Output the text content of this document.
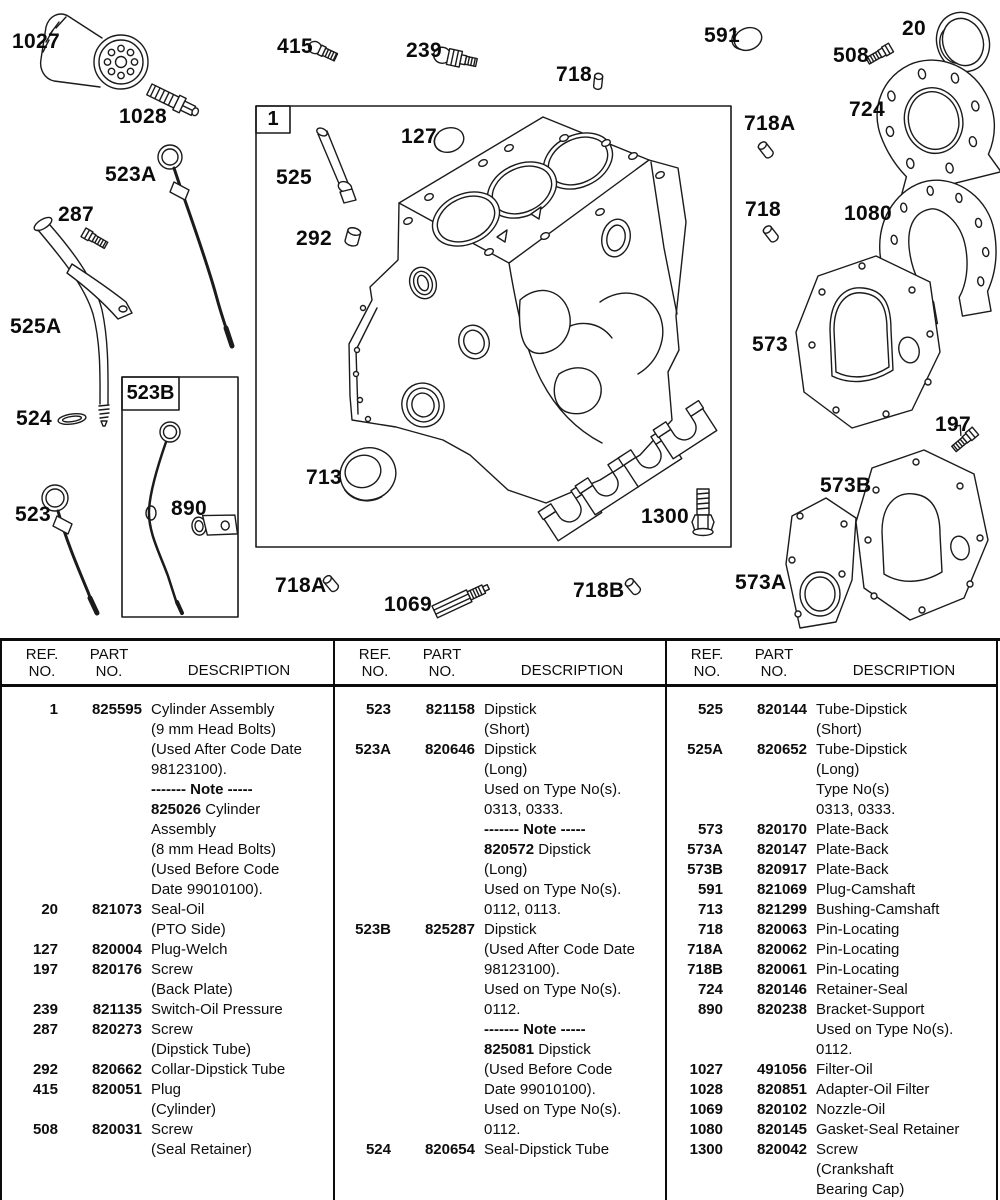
1027
1028
415	239
718
591	20
508
724
718A
718	1080
573
197
573B
573A
523A
287
525A
524
523	890
525
127
292
713
1300
718A
1069
718B
1
523B
REF.
NO.
PART
NO.	DESCRIPTION
1	825595 Cylinder Assembly
(9 mm Head Bolts)
(Used After Code Date
98123100).
------- Note -----
825026 Cylinder
Assembly
(8 mm Head Bolts)
(Used Before Code
Date 99010100).
20	821073 Seal-Oil
(PTO Side)
127	820004 Plug-Welch
197	820176 Screw
(Back Plate)
239	821135 Switch-Oil Pressure
287	820273 Screw
(Dipstick Tube)
292	820662 Collar-Dipstick Tube
415	820051 Plug
(Cylinder)
508	820031 Screw
(Seal Retainer)
REF.
NO.
PART
NO.	DESCRIPTION
523	821158 Dipstick
(Short)
523A	820646 Dipstick
(Long)
Used on Type No(s).
0313, 0333.
------- Note -----
820572 Dipstick
(Long)
Used on Type No(s).
0112, 0113.
523B	825287 Dipstick
(Used After Code Date
98123100).
Used on Type No(s).
0112.
------- Note -----
825081 Dipstick
(Used Before Code
Date 99010100).
Used on Type No(s).
0112.
524	820654 Seal-Dipstick Tube
REF.
NO.
PART
NO.	DESCRIPTION
525	820144 Tube-Dipstick
(Short)
525A	820652 Tube-Dipstick
(Long)
Type No(s)
0313, 0333.
573	820170 Plate-Back
573A	820147 Plate-Back
573B	820917 Plate-Back
591	821069 Plug-Camshaft
713	821299 Bushing-Camshaft
718	820063 Pin-Locating
718A	820062 Pin-Locating
718B	820061 Pin-Locating
724	820146 Retainer-Seal
890	820238 Bracket-Support
Used on Type No(s).
0112.
1027	491056 Filter-Oil
1028	820851 Adapter-Oil Filter
1069	820102 Nozzle-Oil
1080	820145 Gasket-Seal Retainer
1300	820042 Screw
(Crankshaft
Bearing Cap)
